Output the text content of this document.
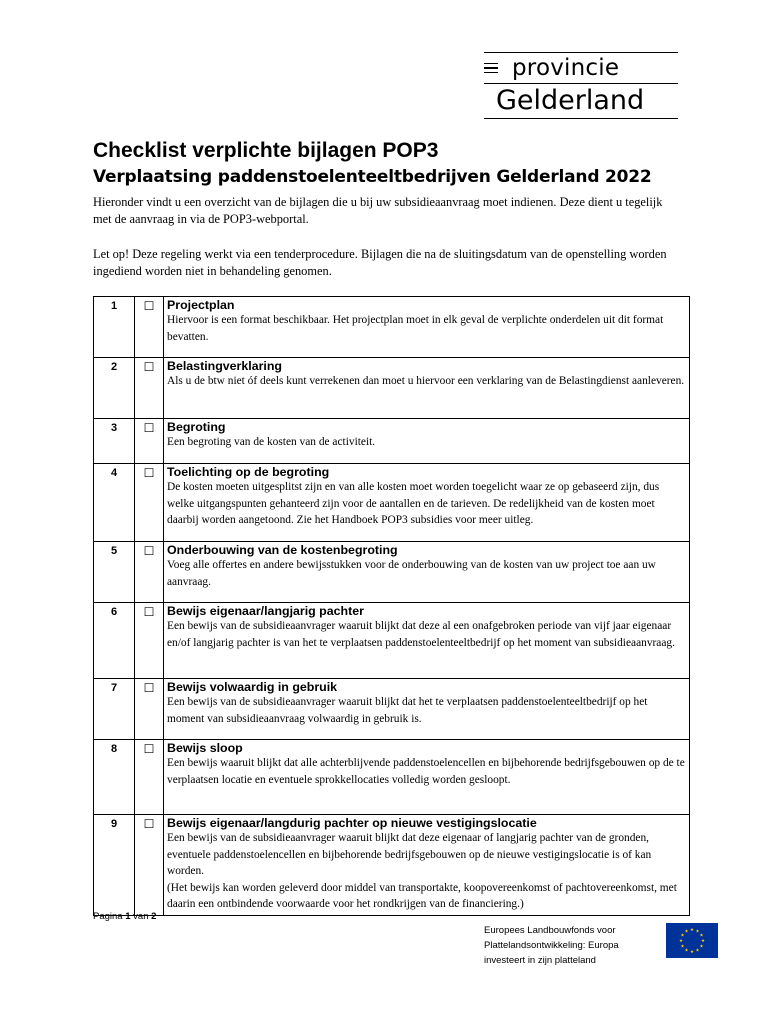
provincie
Gelderland
Checklist verplichte bijlagen POP3
Verplaatsing paddenstoelenteeltbedrijven Gelderland 2022

Hieronder vindt u een overzicht van de bijlagen die u bij uw subsidieaanvraag moet indienen. Deze dient u tegelijk met de aanvraag in via de POP3-webportal.

Let op! Deze regeling werkt via een tenderprocedure. Bijlagen die na de sluitingsdatum van de openstelling worden ingediend worden niet in behandeling genomen.

1	☐	Projectplan
Hiervoor is een format beschikbaar. Het projectplan moet in elk geval de verplichte onderdelen uit dit format bevatten.

2	☐	Belastingverklaring
Als u de btw niet óf deels kunt verrekenen dan moet u hiervoor een verklaring van de Belastingdienst aanleveren.

3	☐	Begroting
Een begroting van de kosten van de activiteit.

4	☐	Toelichting op de begroting
De kosten moeten uitgesplitst zijn en van alle kosten moet worden toegelicht waar ze op gebaseerd zijn, dus welke uitgangspunten gehanteerd zijn voor de aantallen en de tarieven. De redelijkheid van de kosten moet daarbij worden aangetoond. Zie het Handboek POP3 subsidies voor meer uitleg.

5	☐	Onderbouwing van de kostenbegroting
Voeg alle offertes en andere bewijsstukken voor de onderbouwing van de kosten van uw project toe aan uw aanvraag.

6	☐	Bewijs eigenaar/langjarig pachter
Een bewijs van de subsidieaanvrager waaruit blijkt dat deze al een onafgebroken periode van vijf jaar eigenaar en/of langjarig pachter is van het te verplaatsen paddenstoelenteeltbedrijf op het moment van subsidieaanvraag.

7	☐	Bewijs volwaardig in gebruik
Een bewijs van de subsidieaanvrager waaruit blijkt dat het te verplaatsen paddenstoelenteeltbedrijf op het moment van subsidieaanvraag volwaardig in gebruik is.

8	☐	Bewijs sloop
Een bewijs waaruit blijkt dat alle achterblijvende paddenstoelencellen en bijbehorende bedrijfsgebouwen op de te verplaatsen locatie en eventuele sprokkellocaties volledig worden gesloopt.

9	☐	Bewijs eigenaar/langdurig pachter op nieuwe vestigingslocatie
Een bewijs van de subsidieaanvrager waaruit blijkt dat deze eigenaar of langjarig pachter van de gronden, eventuele paddenstoelencellen en bijbehorende bedrijfsgebouwen op de nieuwe vestigingslocatie is of kan worden.
(Het bewijs kan worden geleverd door middel van transportakte, koopovereenkomst of pachtovereenkomst, met daarin een ontbindende voorwaarde voor het rondkrijgen van de financiering.)
Pagina 1 van 2
Europees Landbouwfonds voor
Plattelandsontwikkeling: Europa
investeert in zijn platteland
★ ★
★
★
★
★
★
★
★
★
★
★
